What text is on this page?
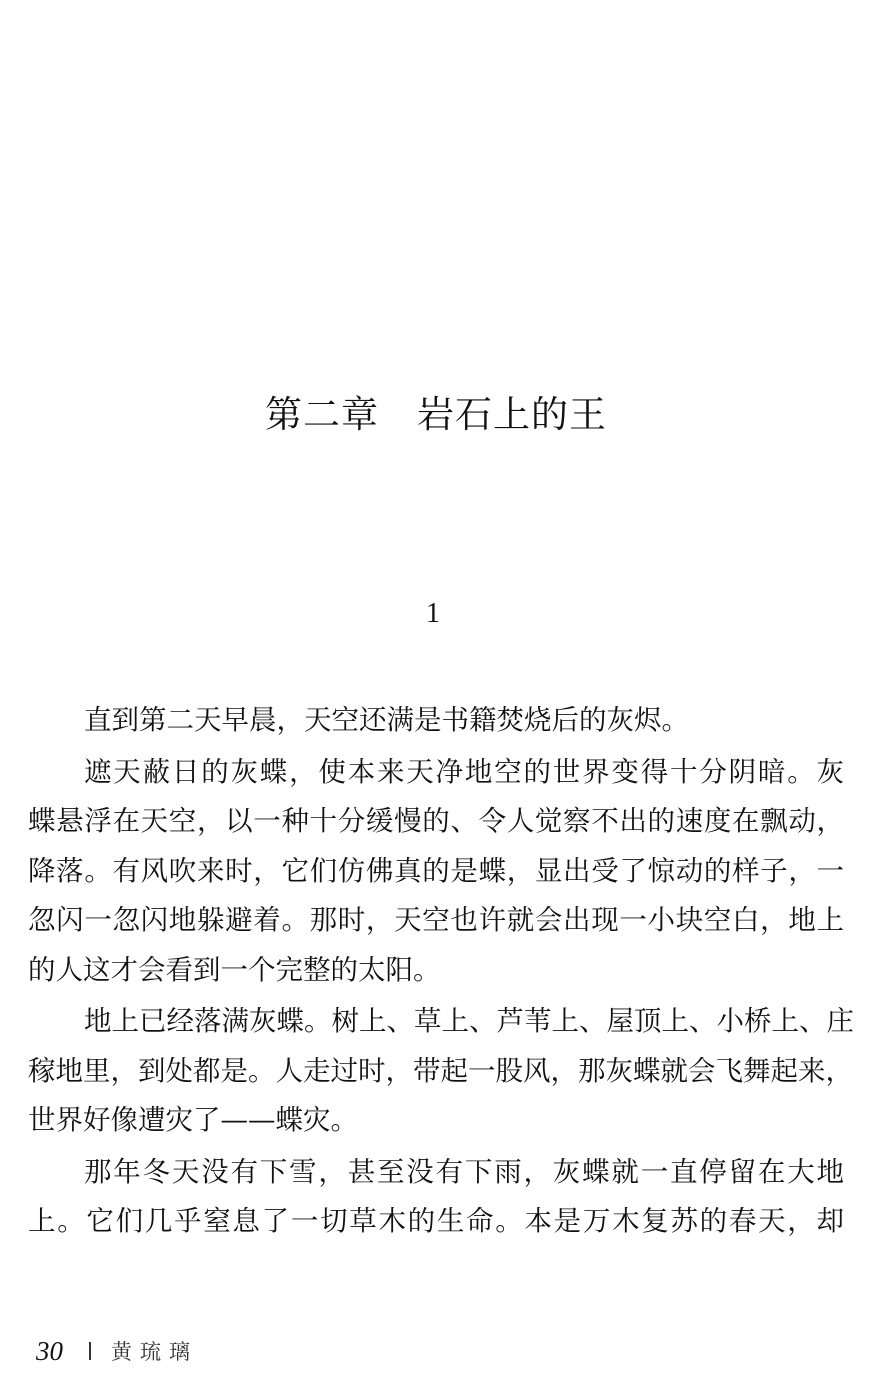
第二章　岩石上的王
1
直到第二天早晨，天空还满是书籍焚烧后的灰烬。
遮天蔽日的灰蝶，使本来天净地空的世界变得十分阴暗。灰
蝶悬浮在天空，以一种十分缓慢的、令人觉察不出的速度在飘动，
降落。有风吹来时，它们仿佛真的是蝶，显出受了惊动的样子，一
忽闪一忽闪地躲避着。那时，天空也许就会出现一小块空白，地上
的人这才会看到一个完整的太阳。
地上已经落满灰蝶。树上、草上、芦苇上、屋顶上、小桥上、庄
稼地里，到处都是。人走过时，带起一股风，那灰蝶就会飞舞起来，
世界好像遭灾了——蝶灾。
那年冬天没有下雪，甚至没有下雨，灰蝶就一直停留在大地
上。它们几乎窒息了一切草木的生命。本是万木复苏的春天，却
30 黄琉璃
